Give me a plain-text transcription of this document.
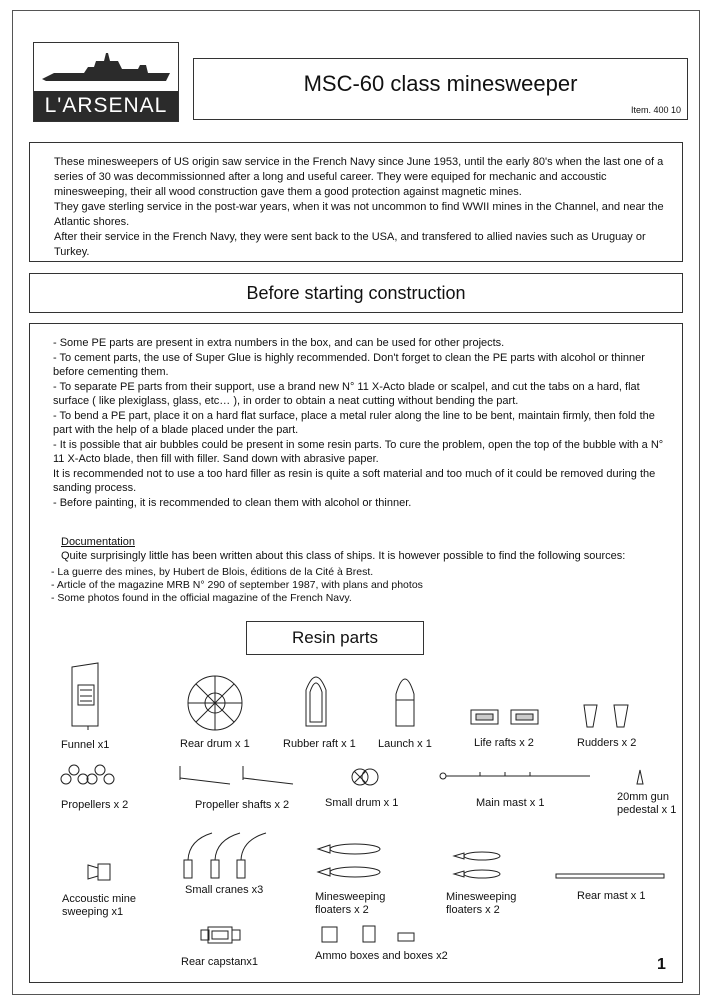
L'ARSENAL
MSC-60 class minesweeper
Item. 400 10

These minesweepers of US origin saw service in the French Navy since June 1953, until the early 80's when the last one of a series of 30 was decommissionned after a long and useful career. They were equiped for mechanic and accoustic minesweeping, their all wood construction gave them a good protection against magnetic mines.

They gave sterling service in the post-war years, when it was not uncommon to find WWII mines in the Channel, and near the Atlantic shores.

After their service in the French Navy, they were sent back to the USA, and transfered to allied navies such as Uruguay or Turkey.

Before starting construction

- Some PE parts are present in extra numbers in the box, and can be used for other projects.

- To cement parts, the use of Super Glue is highly recommended. Don't forget to clean the PE parts with alcohol or thinner before cementing them.

- To separate PE parts from their support, use a brand new N° 11 X-Acto blade or scalpel, and cut the tabs on a hard, flat surface ( like plexiglass, glass, etc… ), in order to obtain a neat cutting without bending the part.

- To bend a PE part, place it on a hard flat surface, place a metal ruler along the line to be bent, maintain firmly, then fold the part with the help of a blade placed under the part.

- It is possible that air bubbles could be present in some resin parts. To cure the problem, open the top of the bubble with a N° 11 X-Acto blade, then fill with filler. Sand down with abrasive paper.

It is recommended not to use a too hard filler as resin is quite a soft material and too much of it could be removed during the sanding process.

- Before painting, it is recommended to clean them with alcohol or thinner.

Documentation
Quite surprisingly little has been written about this class of ships. It is however possible to find the following sources:
- La guerre des mines, by Hubert de Blois, éditions de la Cité à Brest.
- Article of the magazine MRB N° 290 of september 1987, with plans and photos
- Some photos found in the official magazine of the French Navy.
Resin parts
Funnel x1	Rear drum x 1	Rubber raft x 1 Launch x 1	Life rafts x 2	Rudders x 2
Propellers x 2	Propeller shafts x 2	Small drum x 1	Main mast x 1	20mm gun pedestal x 1
Accoustic mine sweeping x1
Small cranes x3
Minesweeping floaters x 2
Minesweeping floaters x 2
Rear mast x 1
Rear capstanx1	Ammo boxes and boxes x2	1
